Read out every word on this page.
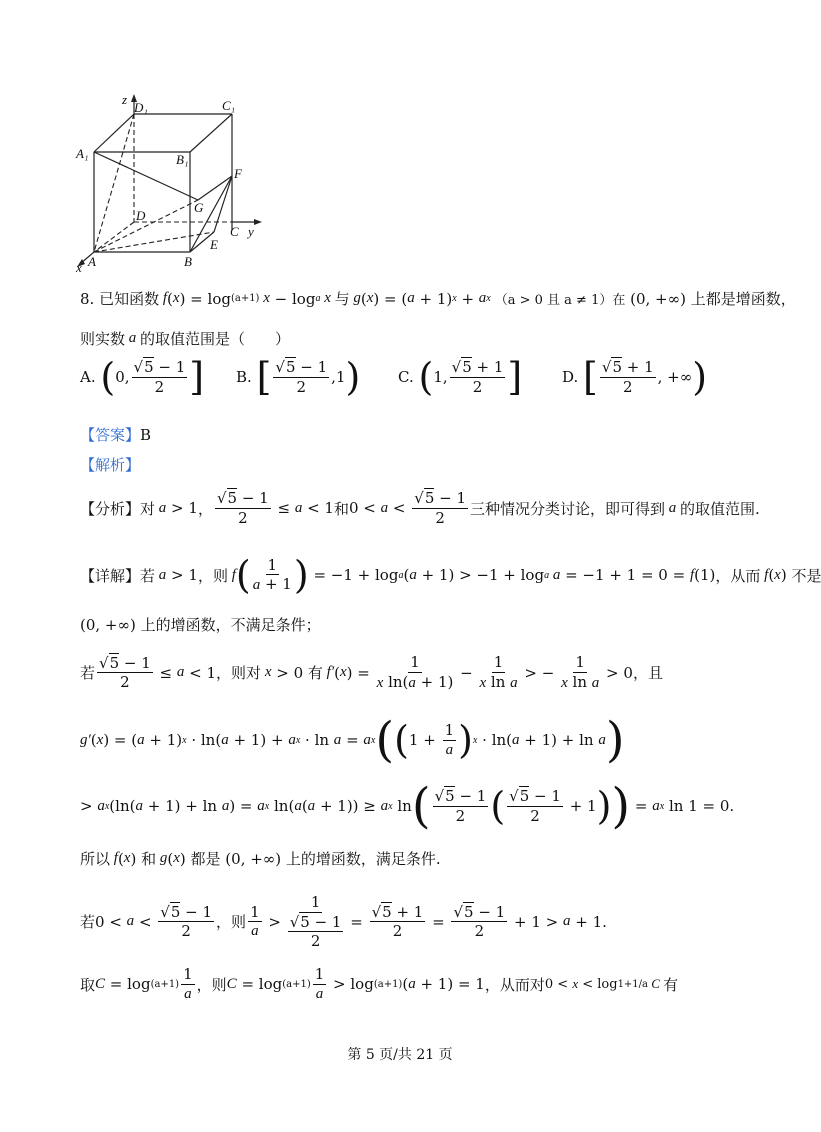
z
D₁	C₁
A₁	B₁
F
G
D
C y
E
A	B
x
8.
已知函数 f ( x ) = log (a+1) x − log a x 与 g ( x ) = ( a + 1) x + a x （a > 0 且 a ≠ 1）在 (0, +∞) 上都是增函数，
则实数 a 的取值范围是（　　）
A.
( 0, $\frac{√5 - 1}{2}$ ] B.
[ $\frac{√5 - 1}{2} ,1$ )	C.
( 1, $\frac{√5 + 1}{2}$ ]	D.
[ $\frac{√5 + 1}{2}$ , +∞ )
【答案】 B
【解析】
【分析】 对 a > 1 ， $\frac{√5 - 1}{2} \le a < 1$ 和 $0 < a < \frac{√5 - 1}{2}$ 三种情况分类讨论，即可得到 a 的取值范围.
【详解】 若 a > 1 ，则 f ( $\frac{1}{a + 1}$ ) = −1 + log a ( a + 1) > −1 + log a a = −1 + 1 = 0 = f (1) ，从而 f ( x ) 不是
(0, +∞) 上的增函数，不满足条件；
若 $\frac{√5 - 1}{2} \le a < 1$ ，则对 x > 0 有 f′ ( x ) = $\frac{1}{\text{x ln(a + 1)}} - \frac{1}{\text{x ln a}}$ > − $\frac{1}{\text{x ln a}} > 0$ ，且
g′ ( x ) = ( a + 1) x · ln( a + 1) + a x · ln a = a x ( ( $1 + \frac{1}{a}$ ) x · ln( a + 1) + ln a )
> a x (ln( a + 1) + ln a ) = a x ln( a ( a + 1)) ≥ a x ln ( $\frac{√5 - 1}{2}$ ( $\frac{√5 - 1}{2} + 1$ ) ) = a x ln 1 = 0.
所以 f ( x ) 和 g ( x ) 都是 (0, +∞) 上的增函数，满足条件.
若 $0 < a < \frac{√5 - 1}{2}$ ，则 $\frac{1}{a} > \frac{1}{\frac{√5 - 1}{2}} = \frac{√5 + 1}{2} = \frac{√5 - 1}{2} + 1 > a + 1$.
取 $C = \log (a+1) \frac{1}{a}$ ，则 $C = \log (a+1) \frac{1}{a} > \log (a+1)$ ( a + 1) = 1 ，从而对 0 < x < log 1+1/a C 有
第 5 页/共 21 页
